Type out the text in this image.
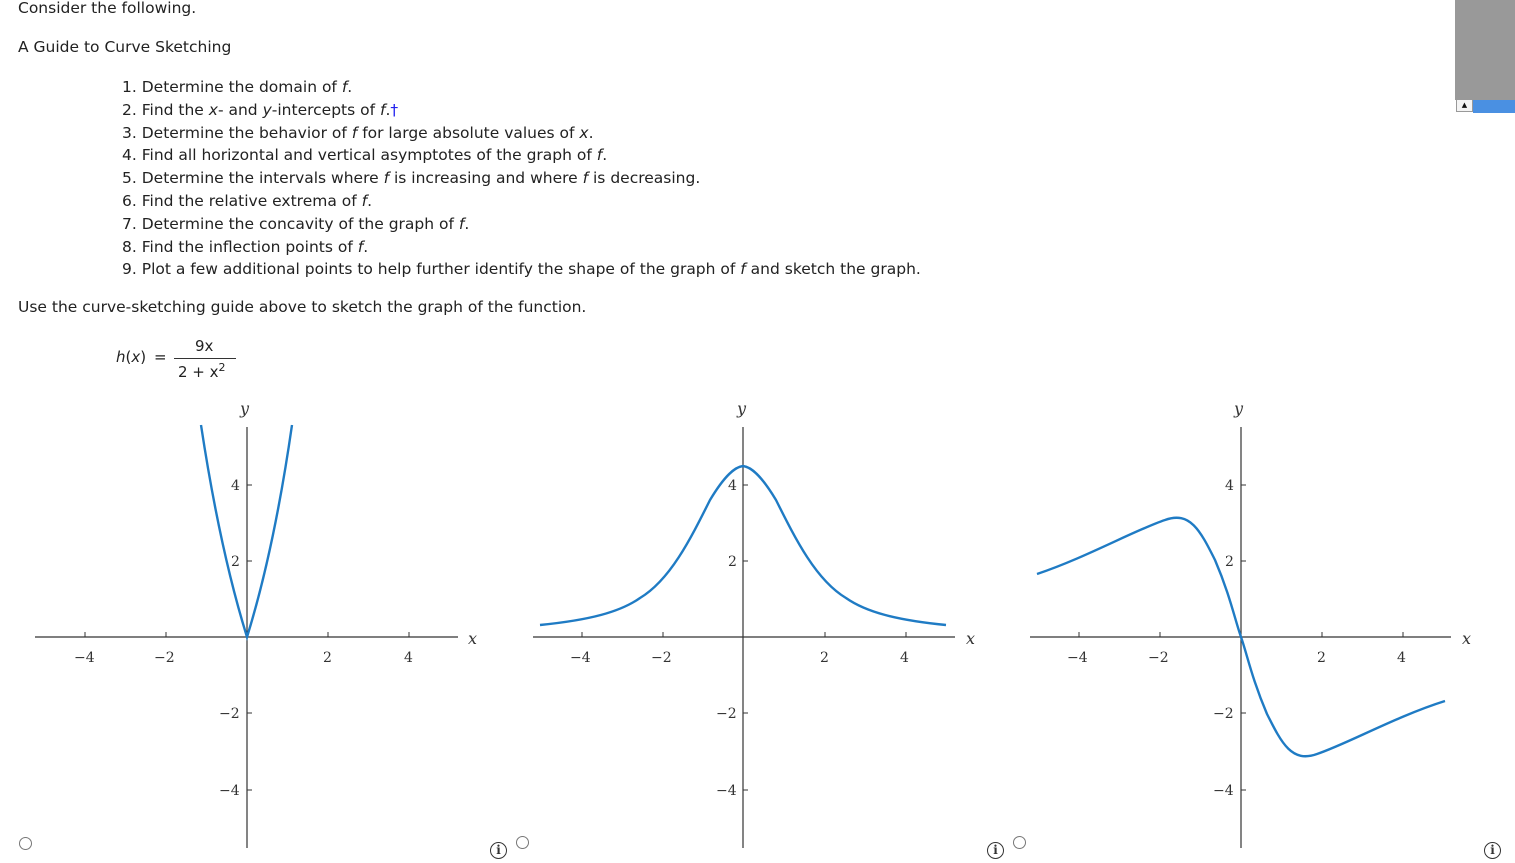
Consider the following.
A Guide to Curve Sketching
1. Determine the domain of f.
2. Find the x- and y-intercepts of f.†
3. Determine the behavior of f for large absolute values of x.
4. Find all horizontal and vertical asymptotes of the graph of f.
5. Determine the intervals where f is increasing and where f is decreasing.
6. Find the relative extrema of f.
7. Determine the concavity of the graph of f.
8. Find the inflection points of f.
9. Plot a few additional points to help further identify the shape of the graph of f and sketch the graph.
Use the curve-sketching guide above to sketch the graph of the function.
h(x) =
9x
$2 + x^2$
−4	−2	2	4
4
2
−2
−4
x
y
−4	−2	2	4
4
2
−2
−4
x
y
−4	−2	2	4
4
2
−2
−4
x
y
i	i	i
▲
